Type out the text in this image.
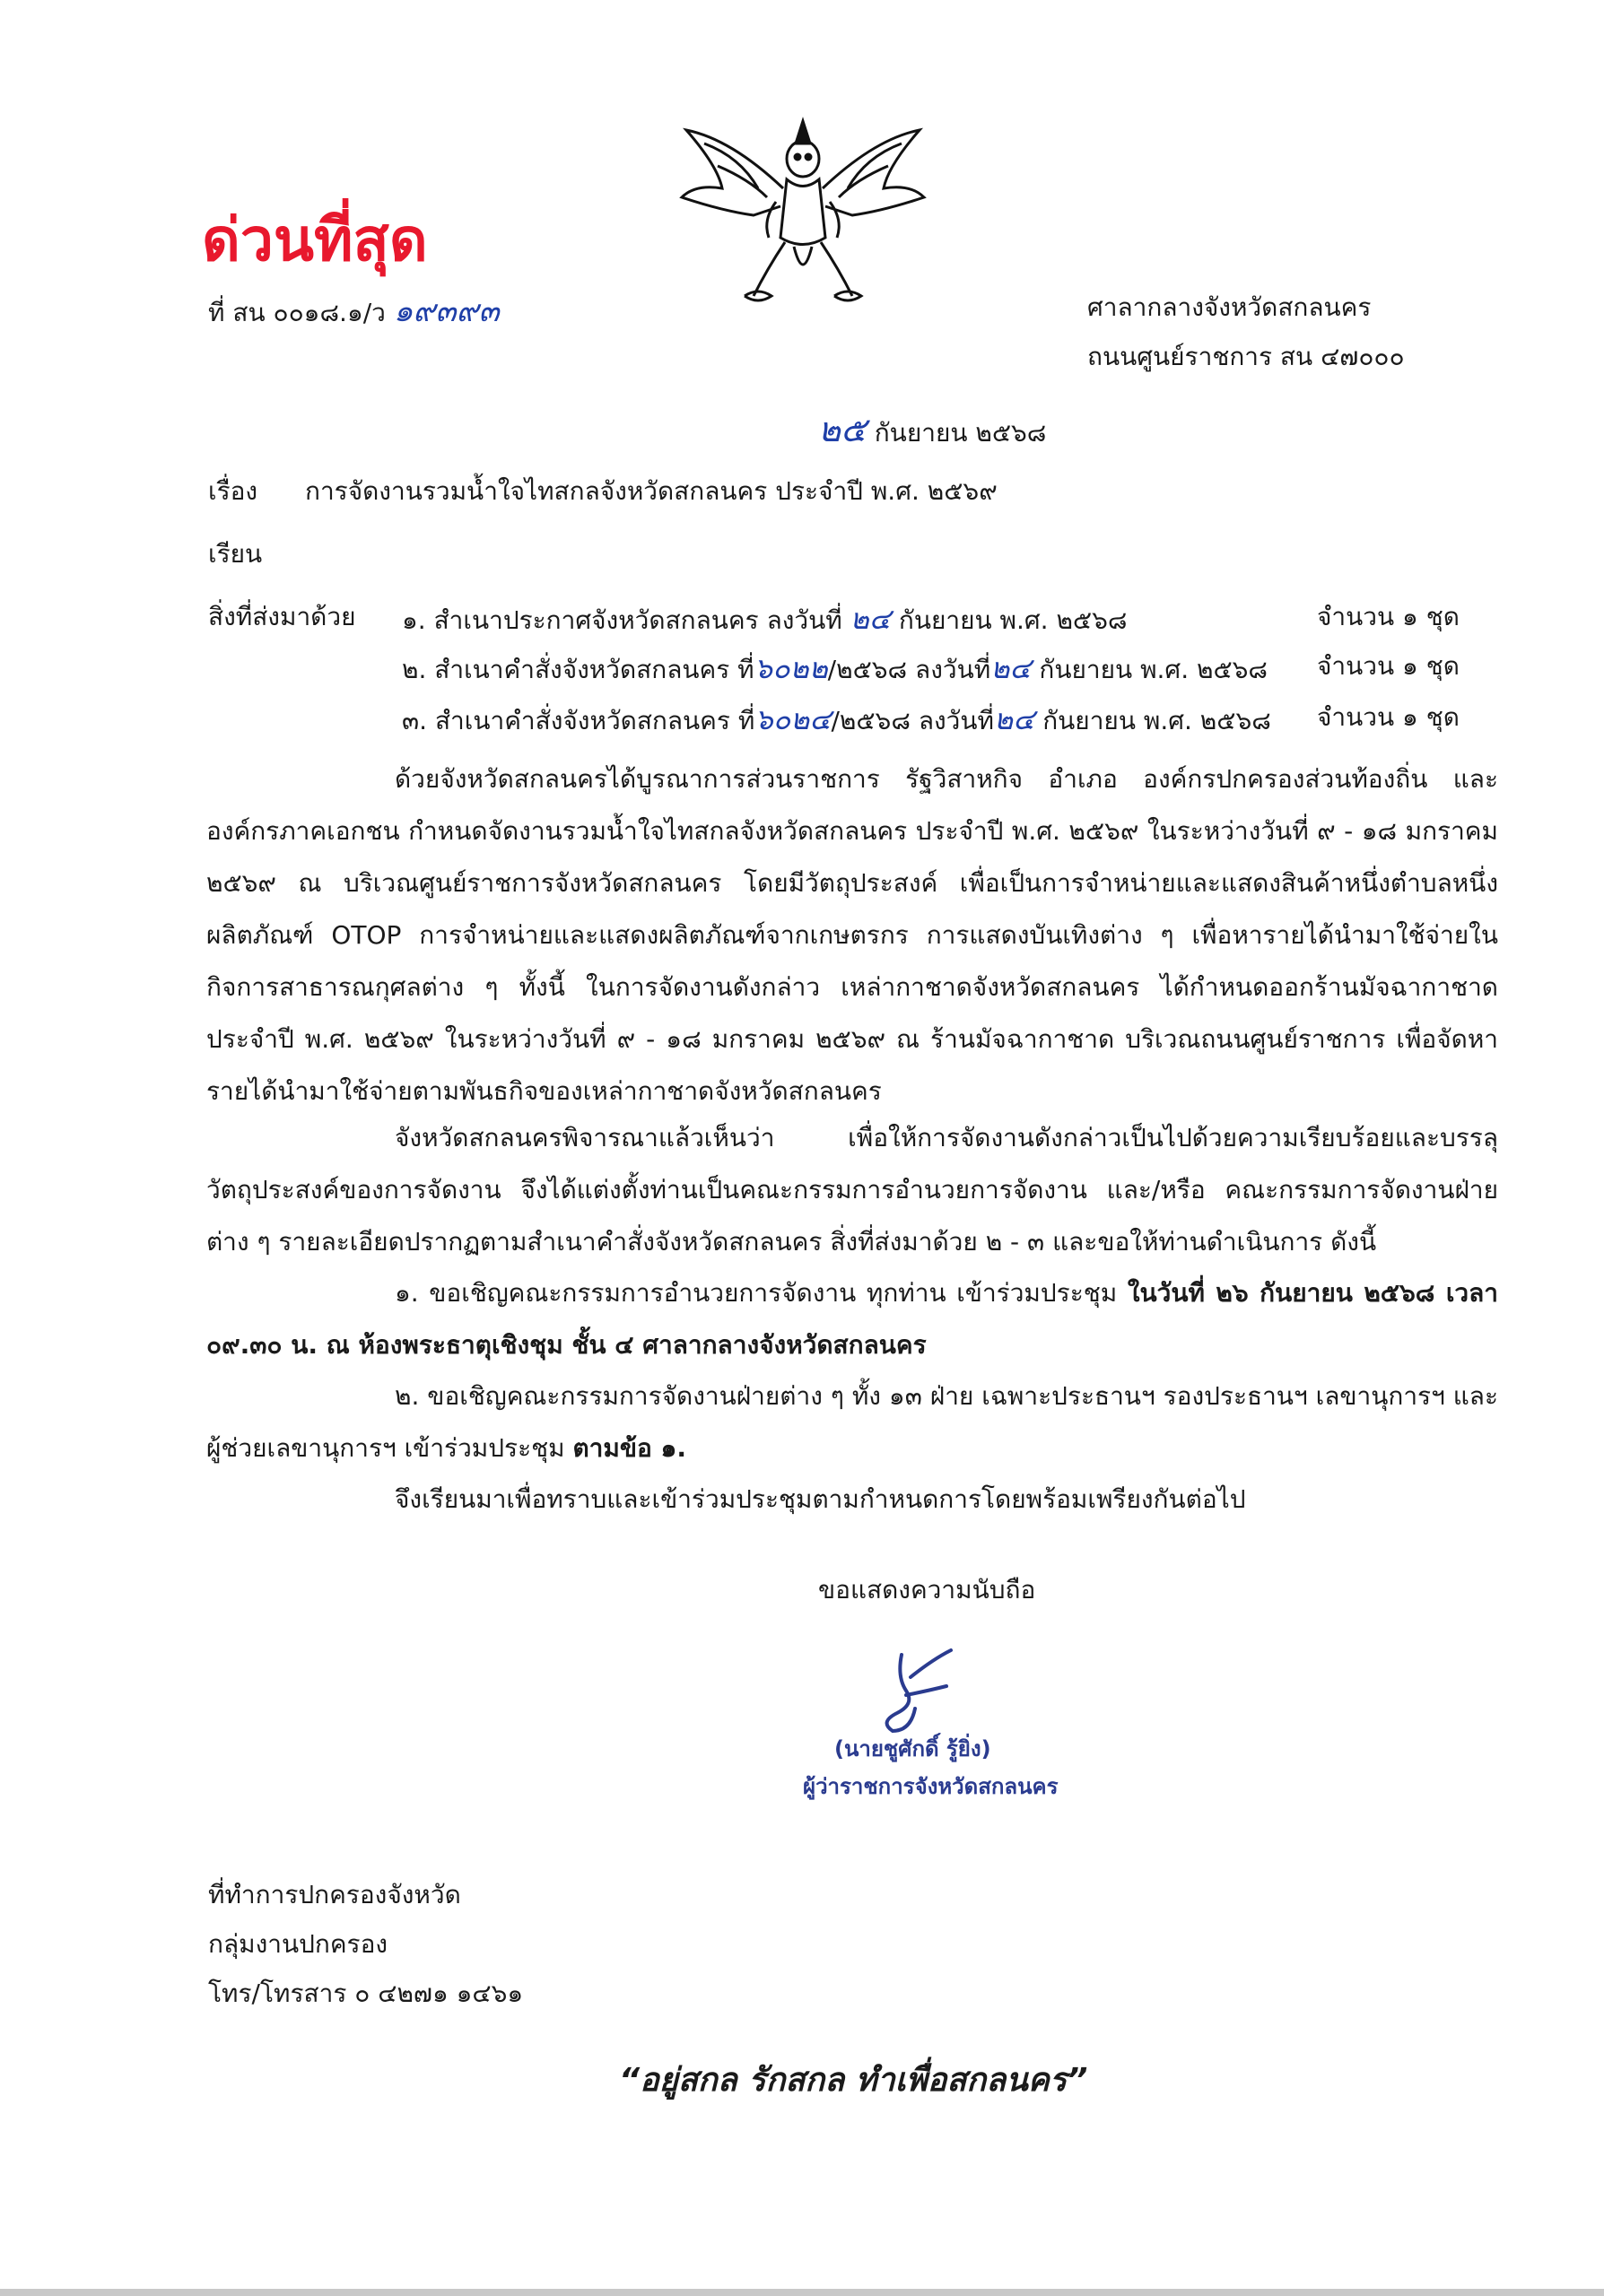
ด่วนที่สุด
ที่ สน ๐๐๑๘.๑/ว ๑๙๓๙๓	ศาลากลางจังหวัดสกลนคร
ถนนศูนย์ราชการ สน ๔๗๐๐๐
๒๕ กันยายน ๒๕๖๘
เรื่อง การจัดงานรวมน้ำใจไทสกลจังหวัดสกลนคร ประจำปี พ.ศ. ๒๕๖๙
เรียน
สิ่งที่ส่งมาด้วย ๑. สำเนาประกาศจังหวัดสกลนคร ลงวันที่ ๒๔ กันยายน พ.ศ. ๒๕๖๘	จำนวน ๑ ชุด
๒. สำเนาคำสั่งจังหวัดสกลนคร ที่๖๐๒๒/๒๕๖๘ ลงวันที่๒๔ กันยายน พ.ศ. ๒๕๖๘ จำนวน ๑ ชุด
๓. สำเนาคำสั่งจังหวัดสกลนคร ที่๖๐๒๔/๒๕๖๘ ลงวันที่๒๔ กันยายน พ.ศ. ๒๕๖๘ จำนวน ๑ ชุด
ด้วยจังหวัดสกลนครได้บูรณาการส่วนราชการ รัฐวิสาหกิจ อำเภอ องค์กรปกครองส่วนท้องถิ่น และองค์กรภาคเอกชน กำหนดจัดงานรวมน้ำใจไทสกลจังหวัดสกลนคร ประจำปี พ.ศ. ๒๕๖๙ ในระหว่างวันที่ ๙ - ๑๘ มกราคม ๒๕๖๙ ณ บริเวณศูนย์ราชการจังหวัดสกลนคร โดยมีวัตถุประสงค์ เพื่อเป็นการจำหน่ายและแสดงสินค้าหนึ่งตำบลหนึ่งผลิตภัณฑ์ OTOP การจำหน่ายและแสดงผลิตภัณฑ์จากเกษตรกร การแสดงบันเทิงต่าง ๆ เพื่อหารายได้นำมาใช้จ่ายในกิจการสาธารณกุศลต่าง ๆ ทั้งนี้ ในการจัดงานดังกล่าว เหล่ากาชาดจังหวัดสกลนคร ได้กำหนดออกร้านมัจฉากาชาด ประจำปี พ.ศ. ๒๕๖๙ ในระหว่างวันที่ ๙ - ๑๘ มกราคม ๒๕๖๙ ณ ร้านมัจฉากาชาด บริเวณถนนศูนย์ราชการ เพื่อจัดหารายได้นำมาใช้จ่ายตามพันธกิจของเหล่ากาชาดจังหวัดสกลนคร
จังหวัดสกลนครพิจารณาแล้วเห็นว่า เพื่อให้การจัดงานดังกล่าวเป็นไปด้วยความเรียบร้อยและบรรลุวัตถุประสงค์ของการจัดงาน จึงได้แต่งตั้งท่านเป็นคณะกรรมการอำนวยการจัดงาน และ/หรือ คณะกรรมการจัดงานฝ่ายต่าง ๆ รายละเอียดปรากฏตามสำเนาคำสั่งจังหวัดสกลนคร สิ่งที่ส่งมาด้วย ๒ - ๓ และขอให้ท่านดำเนินการ ดังนี้
๑. ขอเชิญคณะกรรมการอำนวยการจัดงาน ทุกท่าน เข้าร่วมประชุม ในวันที่ ๒๖ กันยายน ๒๕๖๘ เวลา ๐๙.๓๐ น. ณ ห้องพระธาตุเชิงชุม ชั้น ๔ ศาลากลางจังหวัดสกลนคร
๒. ขอเชิญคณะกรรมการจัดงานฝ่ายต่าง ๆ ทั้ง ๑๓ ฝ่าย เฉพาะประธานฯ รองประธานฯ เลขานุการฯ และผู้ช่วยเลขานุการฯ เข้าร่วมประชุม ตามข้อ ๑.
จึงเรียนมาเพื่อทราบและเข้าร่วมประชุมตามกำหนดการโดยพร้อมเพรียงกันต่อไป
ขอแสดงความนับถือ
(นายชูศักดิ์ รู้ยิ่ง)
ผู้ว่าราชการจังหวัดสกลนคร
ที่ทำการปกครองจังหวัด
กลุ่มงานปกครอง
โทร/โทรสาร ๐ ๔๒๗๑ ๑๔๖๑
“อยู่สกล รักสกล ทำเพื่อสกลนคร”
